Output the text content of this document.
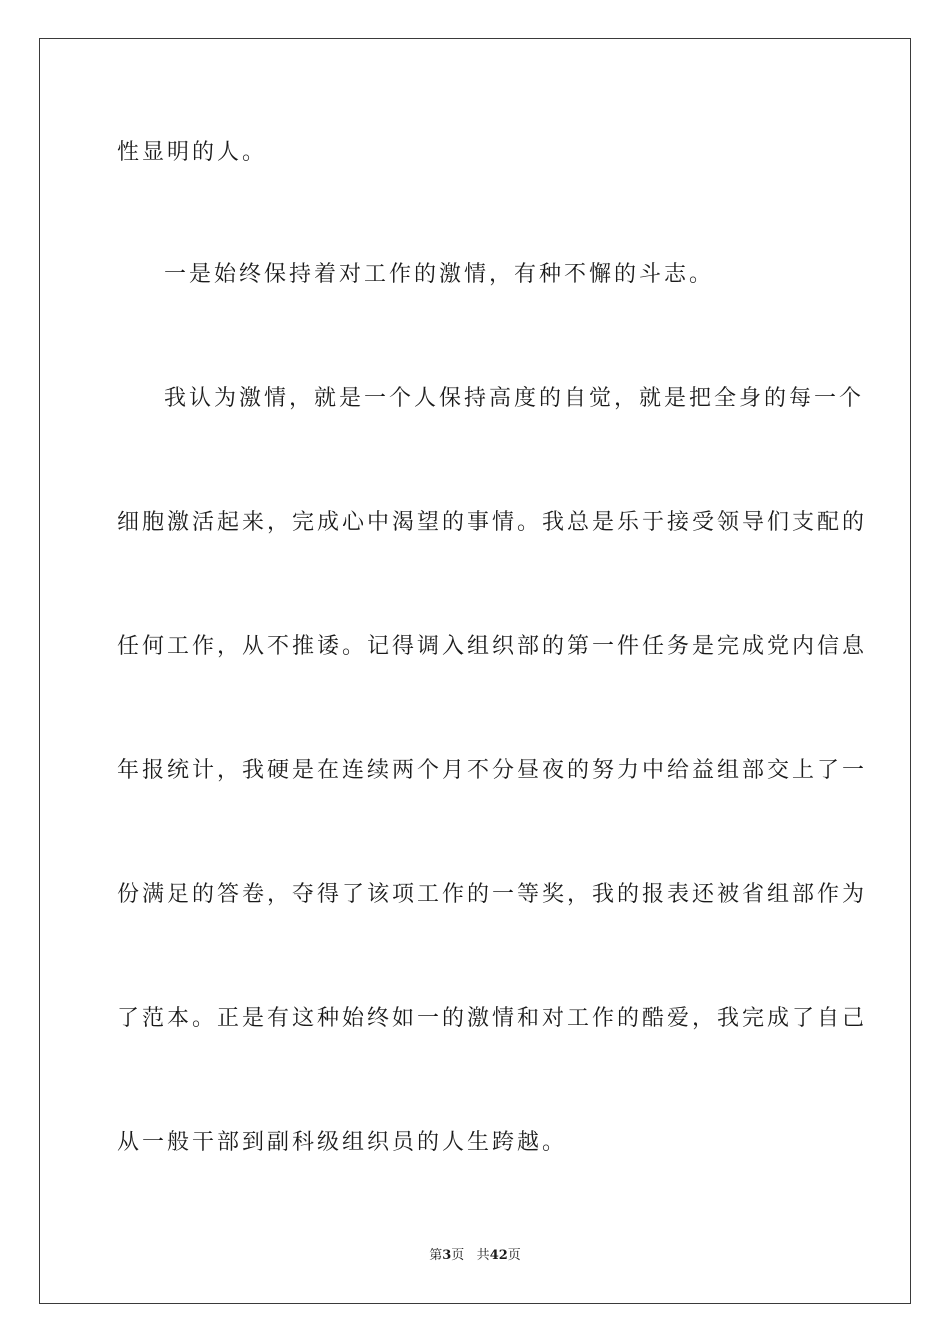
性显明的人。
一是始终保持着对工作的激情，有种不懈的斗志。
我认为激情，就是一个人保持高度的自觉，就是把全身的每一个
细胞激活起来，完成心中渴望的事情。我总是乐于接受领导们支配的
任何工作，从不推诿。记得调入组织部的第一件任务是完成党内信息
年报统计，我硬是在连续两个月不分昼夜的努力中给益组部交上了一
份满足的答卷，夺得了该项工作的一等奖，我的报表还被省组部作为
了范本。正是有这种始终如一的激情和对工作的酷爱，我完成了自己
从一般干部到副科级组织员的人生跨越。
第3页 共42页
